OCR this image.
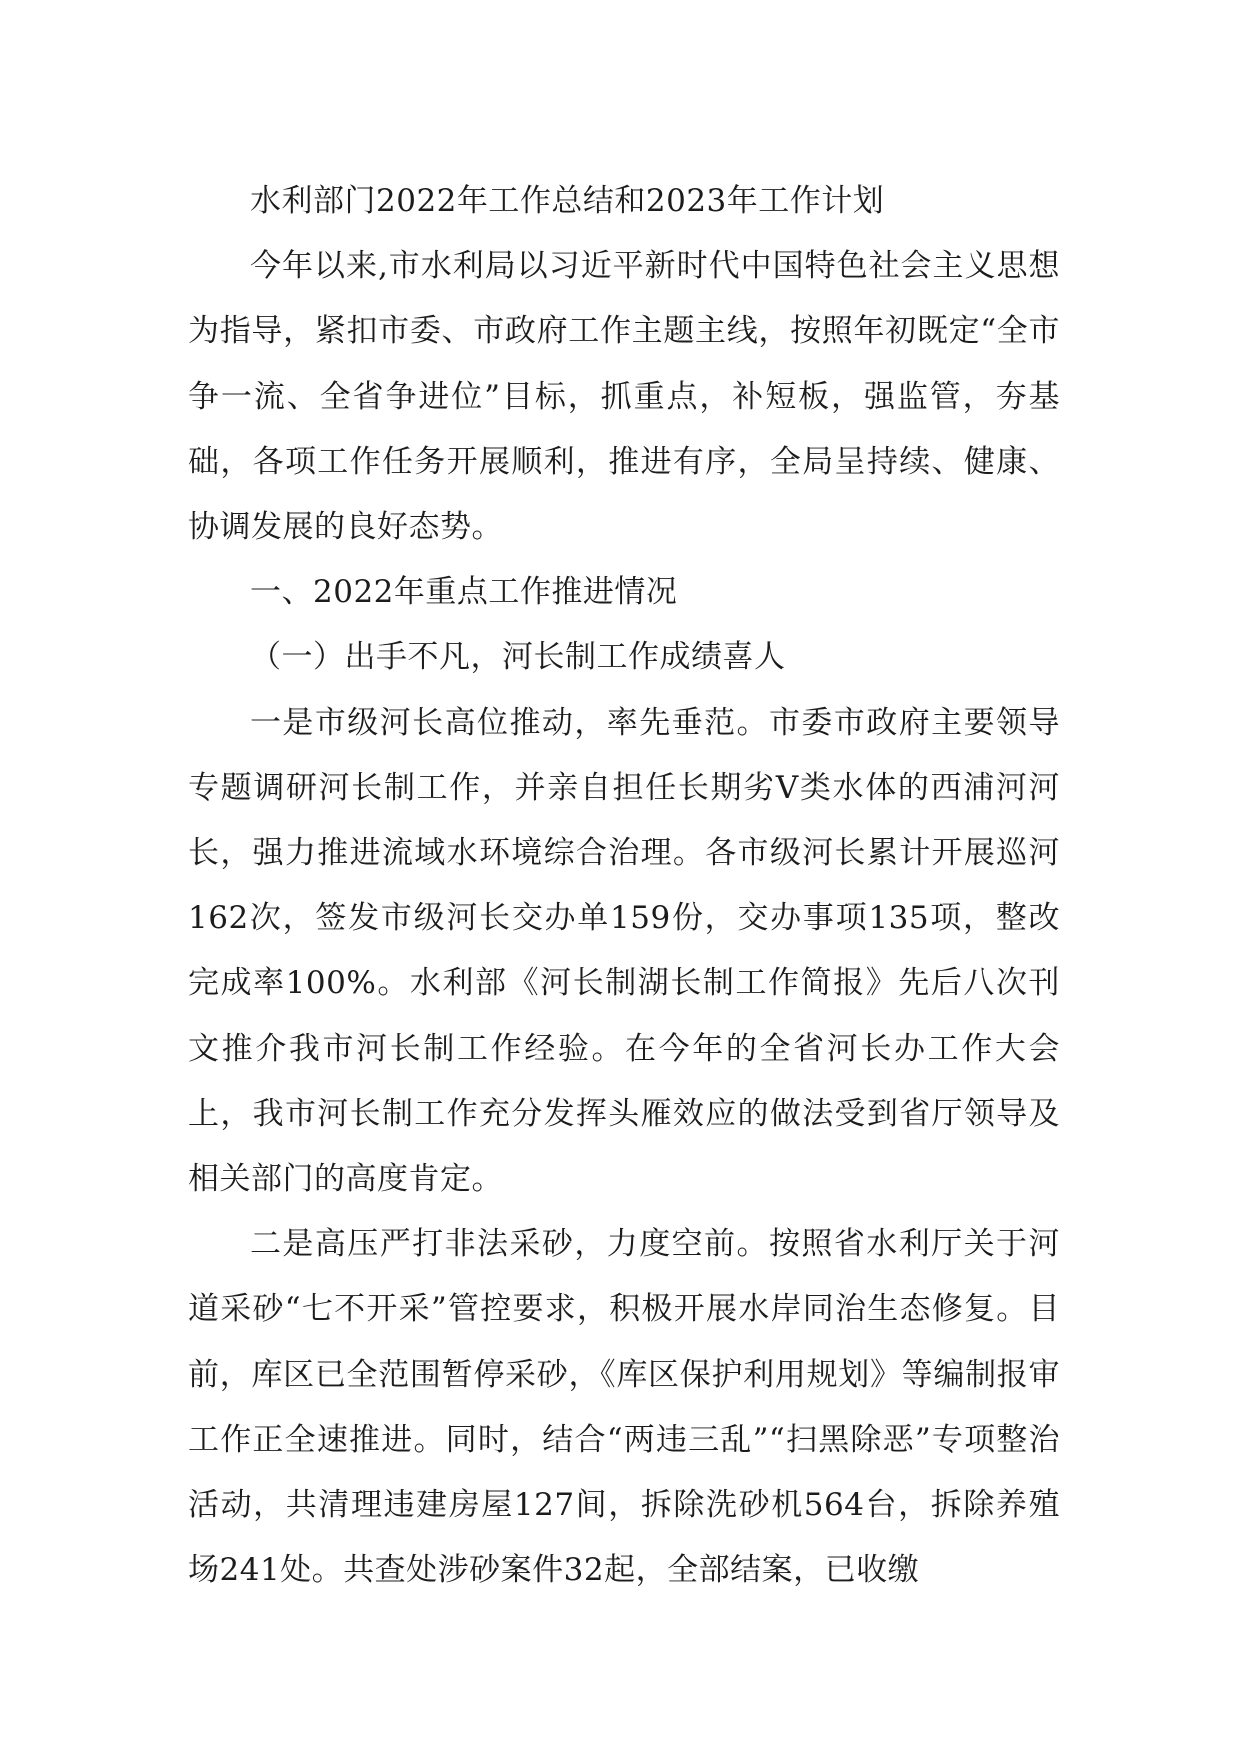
水利部门2022年工作总结和2023年工作计划

今年以来,市水利局以习近平新时代中国特色社会主义思想为指导，紧扣市委、市政府工作主题主线，按照年初既定“全市争一流、全省争进位”目标，抓重点，补短板，强监管，夯基础，各项工作任务开展顺利，推进有序，全局呈持续、健康、协调发展的良好态势。

一、2022年重点工作推进情况

（一）出手不凡，河长制工作成绩喜人

一是市级河长高位推动，率先垂范。市委市政府主要领导专题调研河长制工作，并亲自担任长期劣Ⅴ类水体的西浦河河长，强力推进流域水环境综合治理。各市级河长累计开展巡河162次，签发市级河长交办单159份，交办事项135项，整改完成率100%。水利部《河长制湖长制工作简报》先后八次刊文推介我市河长制工作经验。在今年的全省河长办工作大会上，我市河长制工作充分发挥头雁效应的做法受到省厅领导及相关部门的高度肯定。

二是高压严打非法采砂，力度空前。按照省水利厅关于河道采砂“七不开采”管控要求，积极开展水岸同治生态修复。目前，库区已全范围暂停采砂，《库区保护利用规划》等编制报审工作正全速推进。同时，结合“两违三乱”“扫黑除恶”专项整治活动，共清理违建房屋127间，拆除洗砂机564台，拆除养殖场241处。共查处涉砂案件32起，全部结案，已收缴
